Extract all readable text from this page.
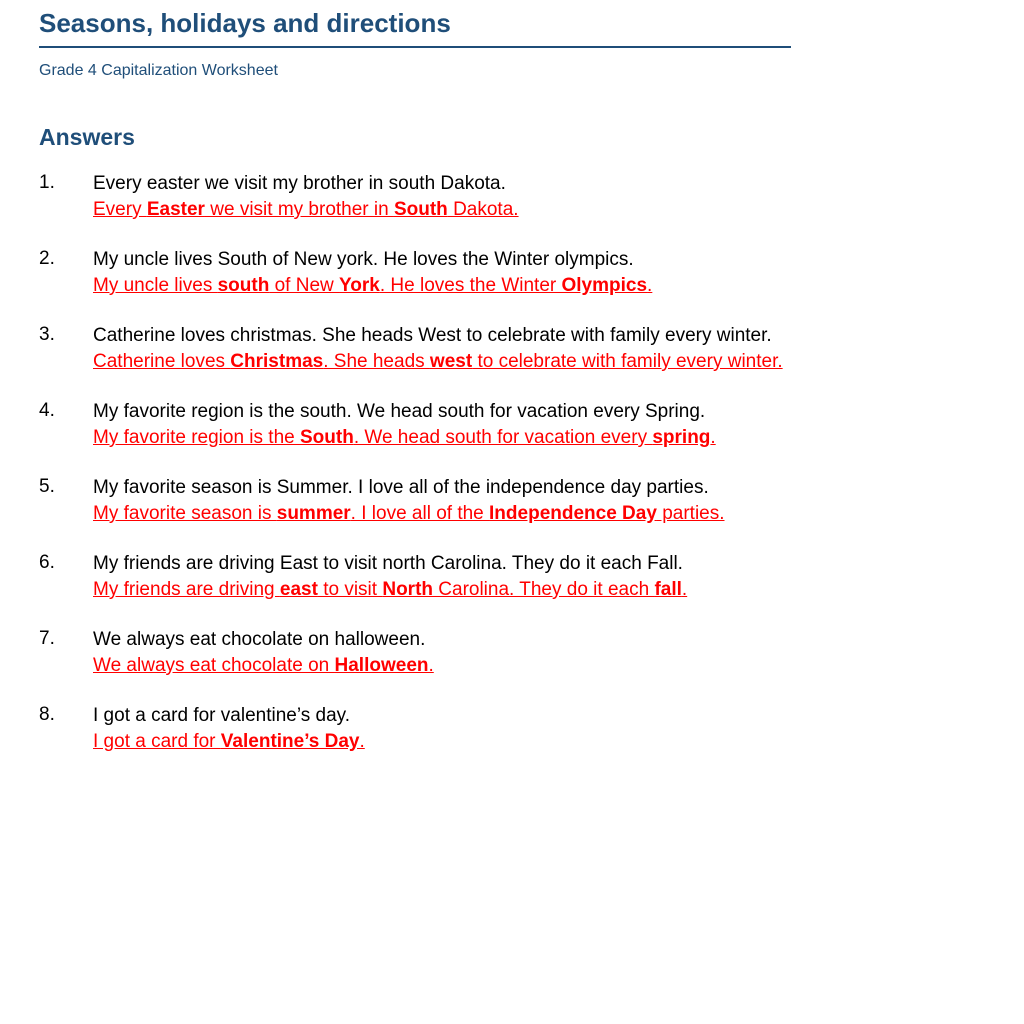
Seasons, holidays and directions
Grade 4 Capitalization Worksheet
Answers
1. Every easter we visit my brother in south Dakota.
Every Easter we visit my brother in South Dakota.
2. My uncle lives South of New york. He loves the Winter olympics.
My uncle lives south of New York. He loves the Winter Olympics.
3. Catherine loves christmas. She heads West to celebrate with family every winter.
Catherine loves Christmas. She heads west to celebrate with family every winter.
4. My favorite region is the south. We head south for vacation every Spring.
My favorite region is the South. We head south for vacation every spring.
5. My favorite season is Summer. I love all of the independence day parties.
My favorite season is summer. I love all of the Independence Day parties.
6. My friends are driving East to visit north Carolina. They do it each Fall.
My friends are driving east to visit North Carolina. They do it each fall.
7. We always eat chocolate on halloween.
We always eat chocolate on Halloween.
8. I got a card for valentine’s day.
I got a card for Valentine’s Day.
